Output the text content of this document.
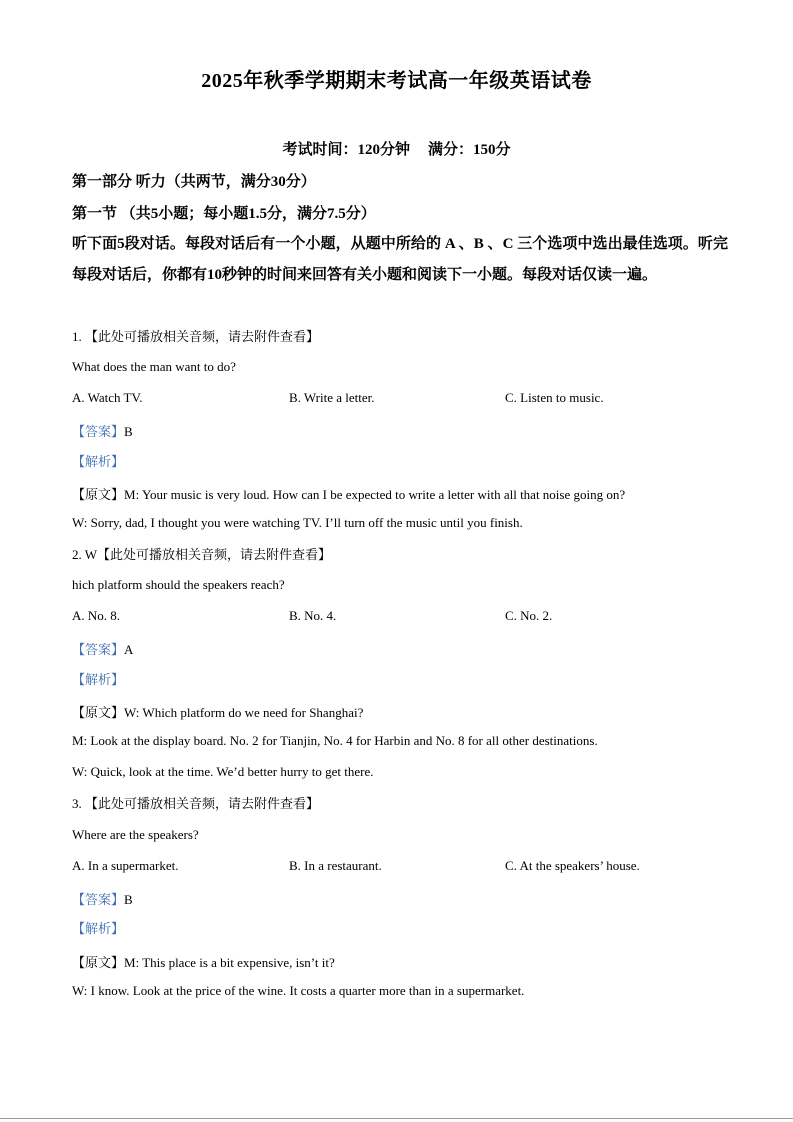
2025年秋季学期期末考试高一年级英语试卷
考试时间：120分钟 满分：150分
第一部分 听力（共两节，满分30分）
第一节 （共5小题；每小题1.5分，满分7.5分）
听下面5段对话。每段对话后有一个小题，从题中所给的 A 、B 、C 三个选项中选出最佳选项。听完每段对话后，你都有10秒钟的时间来回答有关小题和阅读下一小题。每段对话仅读一遍。
1. 【此处可播放相关音频，请去附件查看】
What does the man want to do?
A. Watch TV.	B. Write a letter.	C. Listen to music.
【答案】B
【解析】
【原文】M: Your music is very loud. How can I be expected to write a letter with all that noise going on?
W: Sorry, dad, I thought you were watching TV. I’ll turn off the music until you finish.
2. W【此处可播放相关音频，请去附件查看】
hich platform should the speakers reach?
A. No. 8.	B. No. 4.	C. No. 2.
【答案】A
【解析】
【原文】W: Which platform do we need for Shanghai?
M: Look at the display board. No. 2 for Tianjin, No. 4 for Harbin and No. 8 for all other destinations.
W: Quick, look at the time. We’d better hurry to get there.
3. 【此处可播放相关音频，请去附件查看】
Where are the speakers?
A. In a supermarket.	B. In a restaurant.	C. At the speakers’ house.
【答案】B
【解析】
【原文】M: This place is a bit expensive, isn’t it?
W: I know. Look at the price of the wine. It costs a quarter more than in a supermarket.
